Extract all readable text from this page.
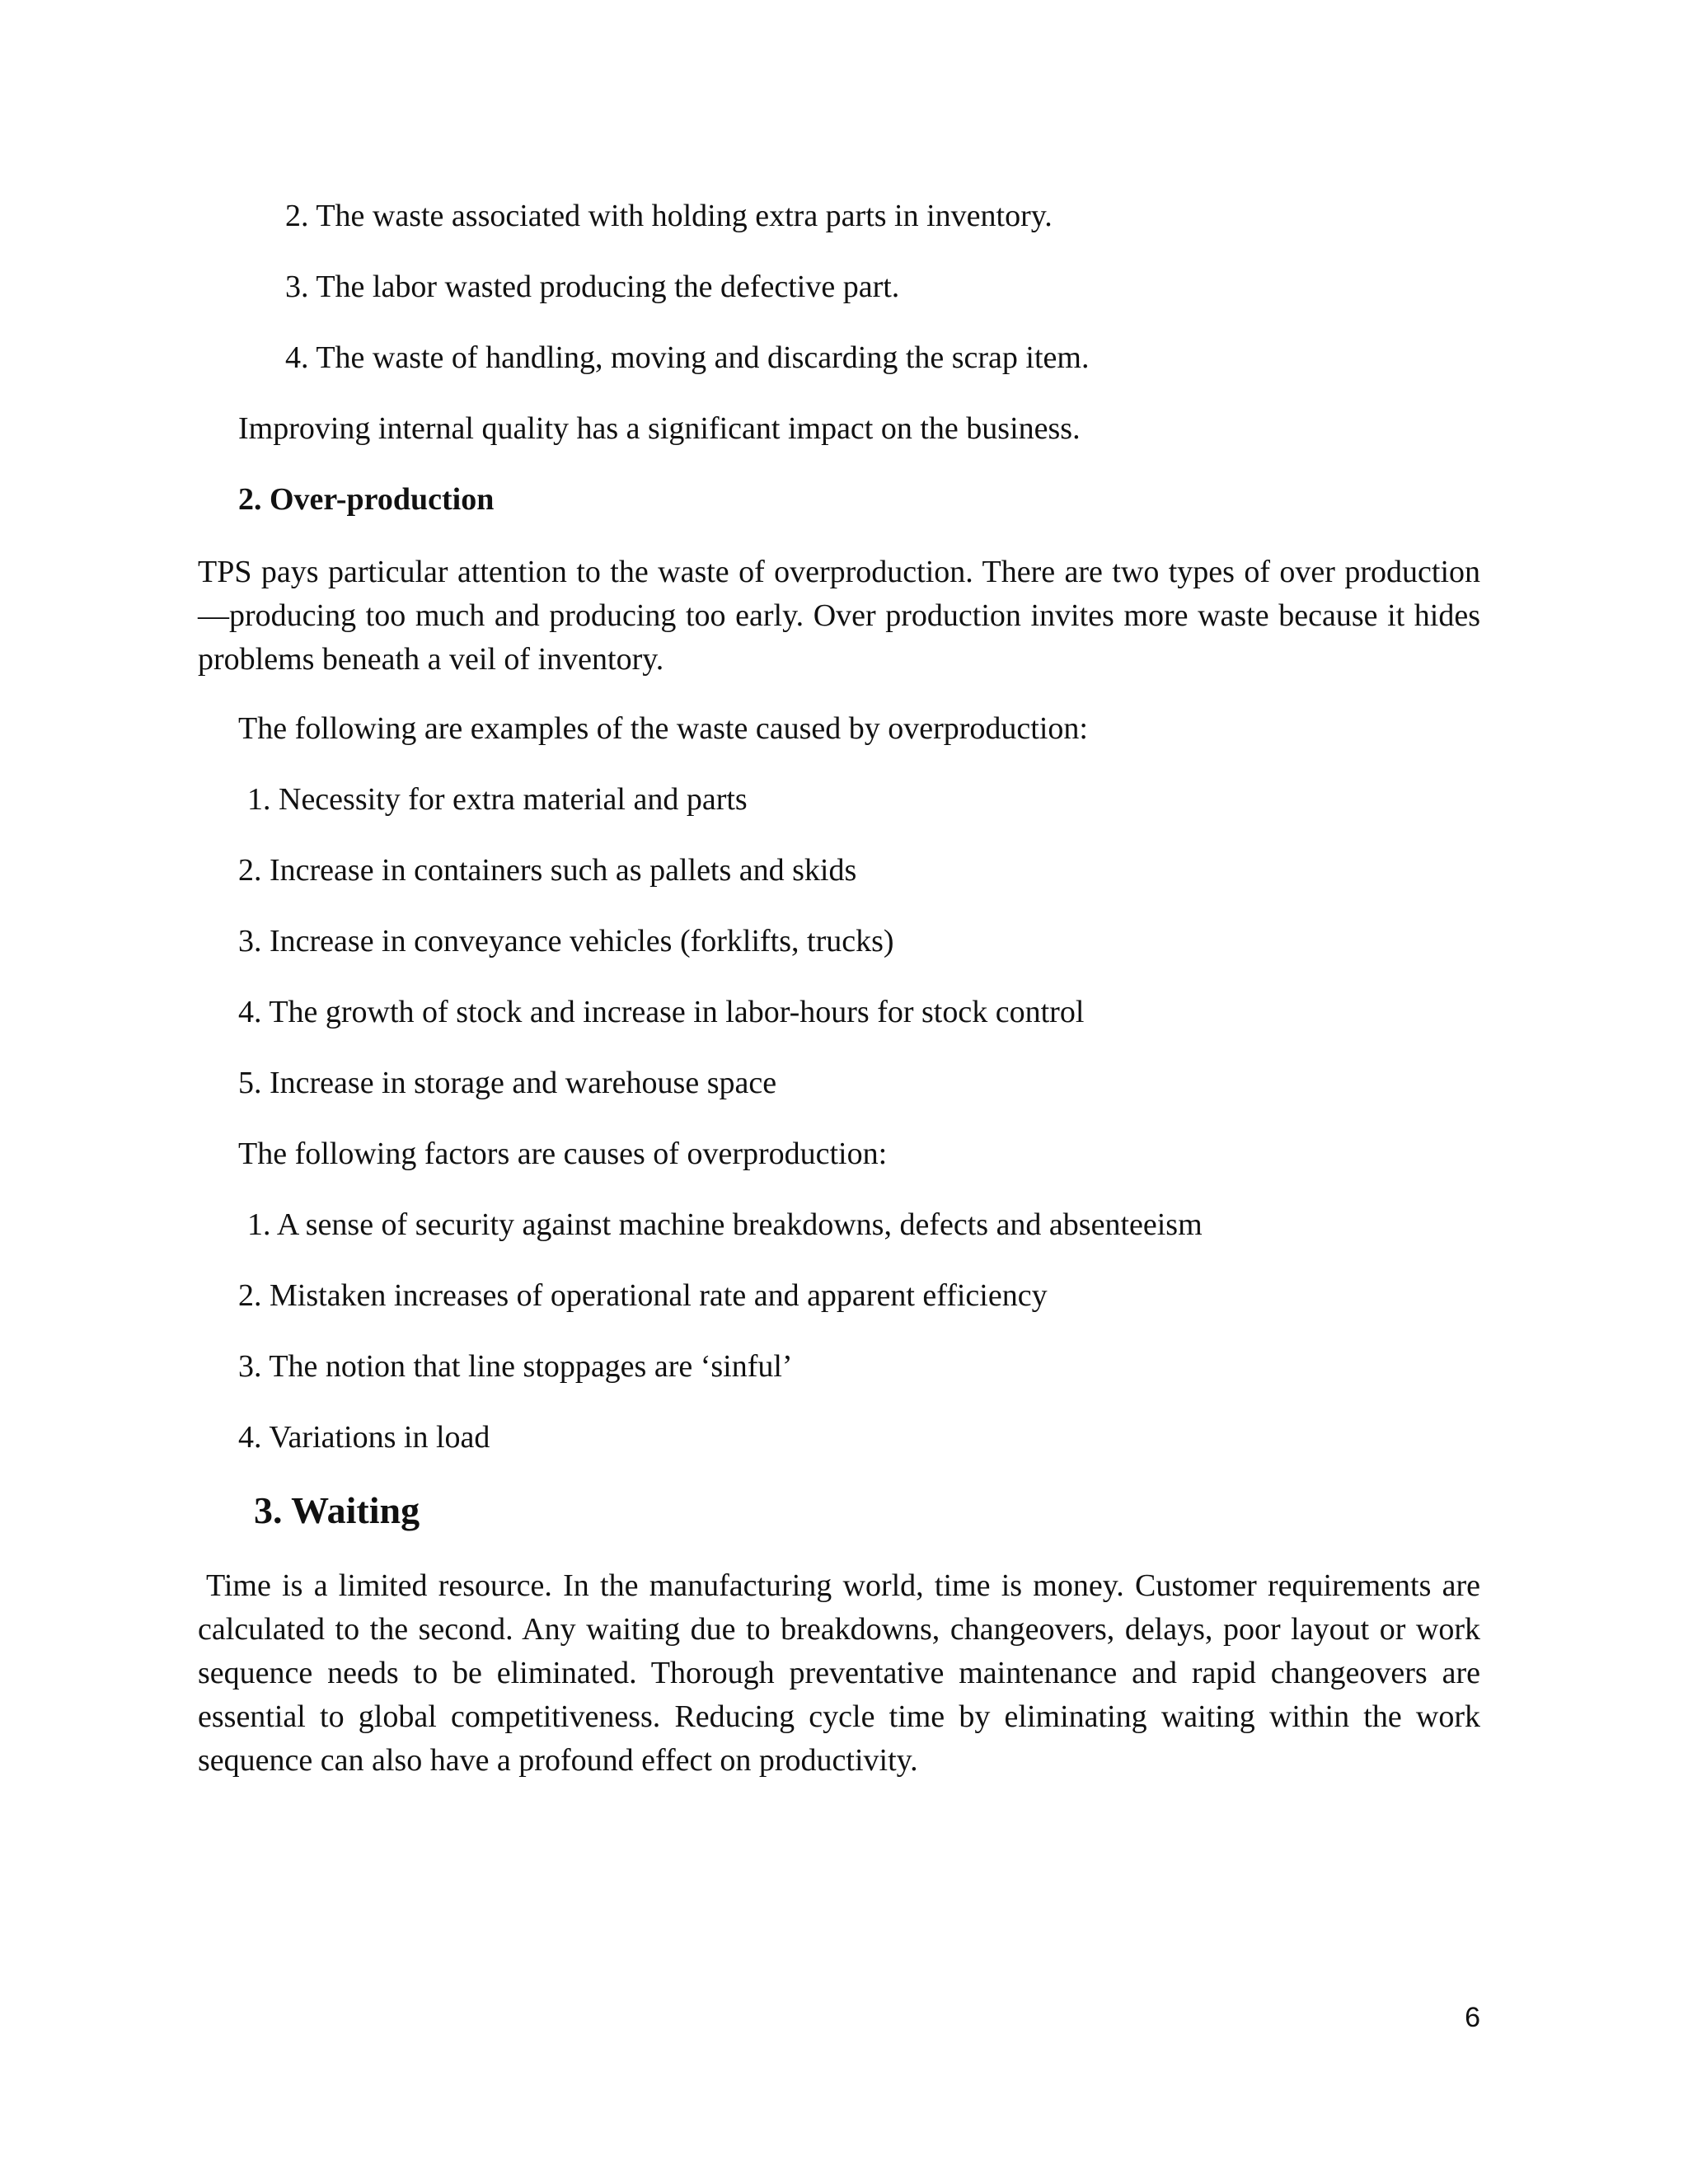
2. The waste associated with holding extra parts in inventory.

3. The labor wasted producing the defective part.

4. The waste of handling, moving and discarding the scrap item.

Improving internal quality has a significant impact on the business.

2. Over-production

TPS pays particular attention to the waste of overproduction. There are two types of over production—producing too much and producing too early. Over production invites more waste because it hides problems beneath a veil of inventory.

The following are examples of the waste caused by overproduction:

1. Necessity for extra material and parts

2. Increase in containers such as pallets and skids

3. Increase in conveyance vehicles (forklifts, trucks)

4. The growth of stock and increase in labor-hours for stock control

5. Increase in storage and warehouse space

The following factors are causes of overproduction:

1. A sense of security against machine breakdowns, defects and absenteeism

2. Mistaken increases of operational rate and apparent efficiency

3. The notion that line stoppages are ‘sinful’

4. Variations in load

3. Waiting

Time is a limited resource. In the manufacturing world, time is money. Customer requirements are calculated to the second. Any waiting due to breakdowns, changeovers, delays, poor layout or work sequence needs to be eliminated. Thorough preventative maintenance and rapid changeovers are essential to global competitiveness. Reducing cycle time by eliminating waiting within the work sequence can also have a profound effect on productivity.

6
